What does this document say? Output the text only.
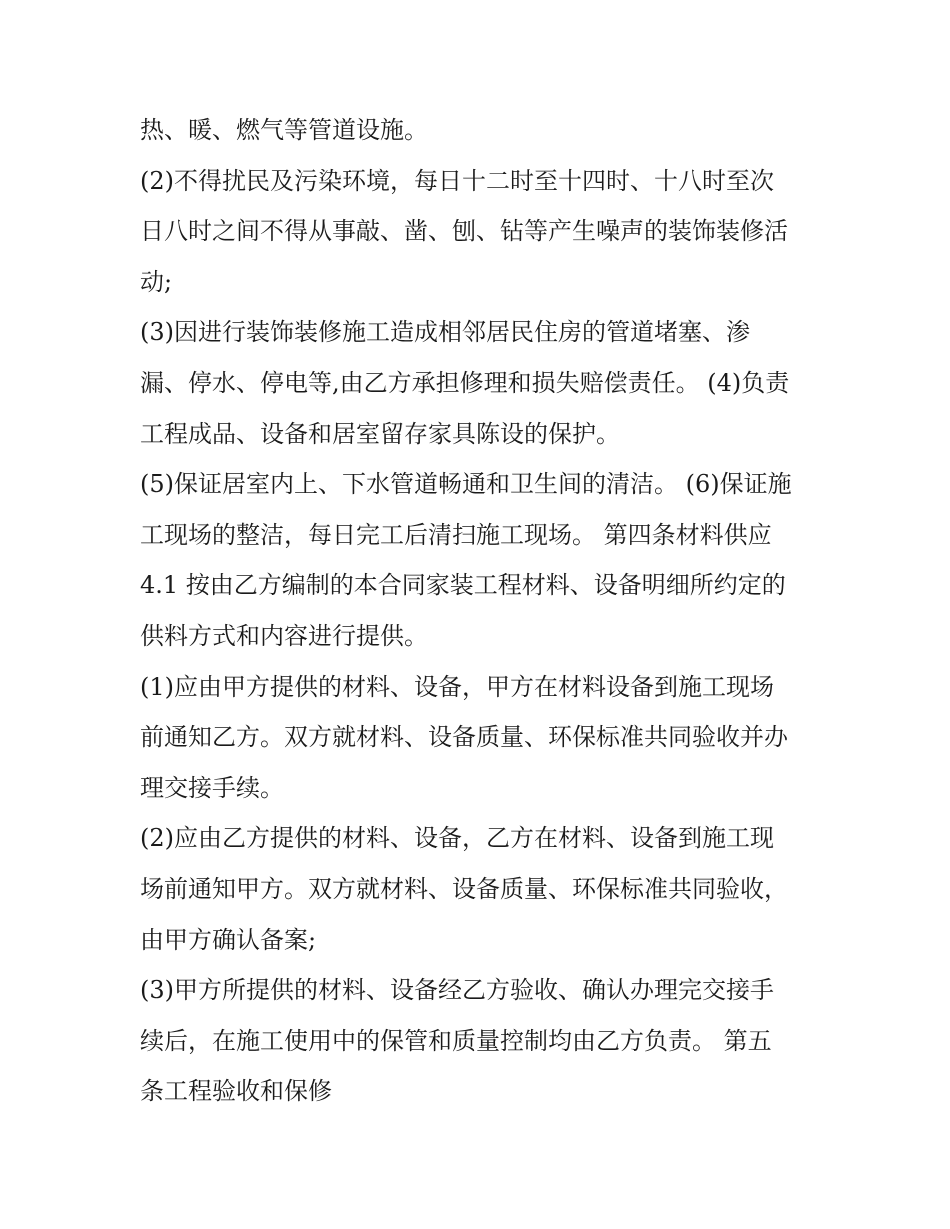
热、暖、燃气等管道设施。
(2)不得扰民及污染环境，每日十二时至十四时、十八时至次
日八时之间不得从事敲、凿、刨、钻等产生噪声的装饰装修活
动;
(3)因进行装饰装修施工造成相邻居民住房的管道堵塞、渗
漏、停水、停电等,由乙方承担修理和损失赔偿责任。 (4)负责
工程成品、设备和居室留存家具陈设的保护。
(5)保证居室内上、下水管道畅通和卫生间的清洁。 (6)保证施
工现场的整洁，每日完工后清扫施工现场。 第四条材料供应
4.1 按由乙方编制的本合同家装工程材料、设备明细所约定的
供料方式和内容进行提供。
(1)应由甲方提供的材料、设备，甲方在材料设备到施工现场
前通知乙方。双方就材料、设备质量、环保标准共同验收并办
理交接手续。
(2)应由乙方提供的材料、设备，乙方在材料、设备到施工现
场前通知甲方。双方就材料、设备质量、环保标准共同验收，
由甲方确认备案;
(3)甲方所提供的材料、设备经乙方验收、确认办理完交接手
续后，在施工使用中的保管和质量控制均由乙方负责。 第五
条工程验收和保修
